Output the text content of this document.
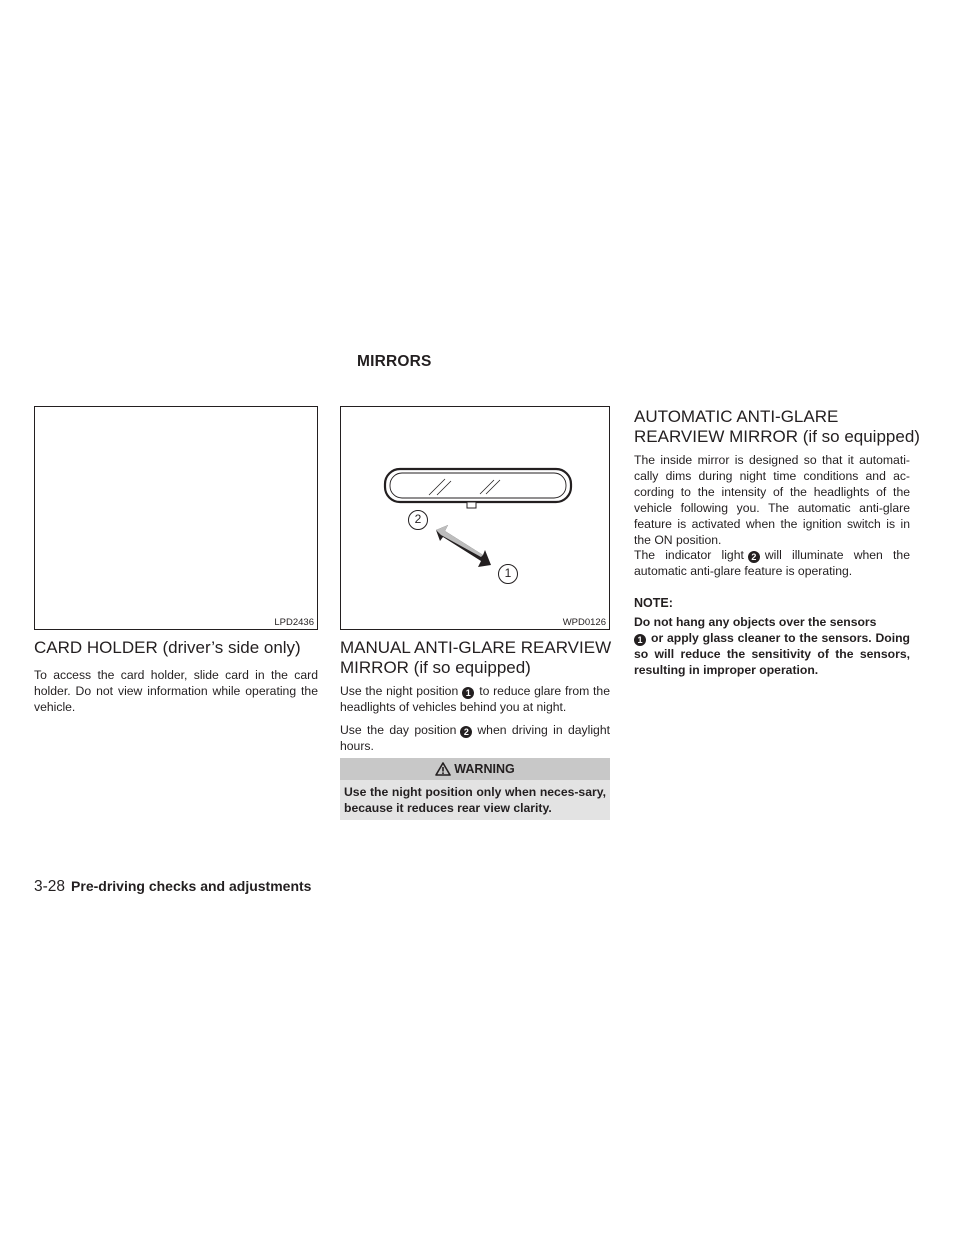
MIRRORS
LPD2436
2
1
WPD0126
CARD HOLDER (driver’s side only)

To access the card holder, slide card in the card holder. Do not view information while operating the vehicle.

MANUAL ANTI-GLARE REARVIEW
MIRROR (if so equipped)

Use the night position 1 to reduce glare from the headlights of vehicles behind you at night.

Use the day position 2 when driving in daylight hours.

WARNING
Use the night position only when neces-sary, because it reduces rear view clarity.
AUTOMATIC ANTI-GLARE
REARVIEW MIRROR (if so equipped)

The inside mirror is designed so that it automati-cally dims during night time conditions and ac-cording to the intensity of the headlights of the vehicle following you. The automatic anti-glare feature is activated when the ignition switch is in the ON position.

The indicator light 2 will illuminate when the automatic anti-glare feature is operating.

NOTE:

Do not hang any objects over the sensors
1 or apply glass cleaner to the sensors. Doing so will reduce the sensitivity of the sensors, resulting in improper operation.

3-28 Pre-driving checks and adjustments
